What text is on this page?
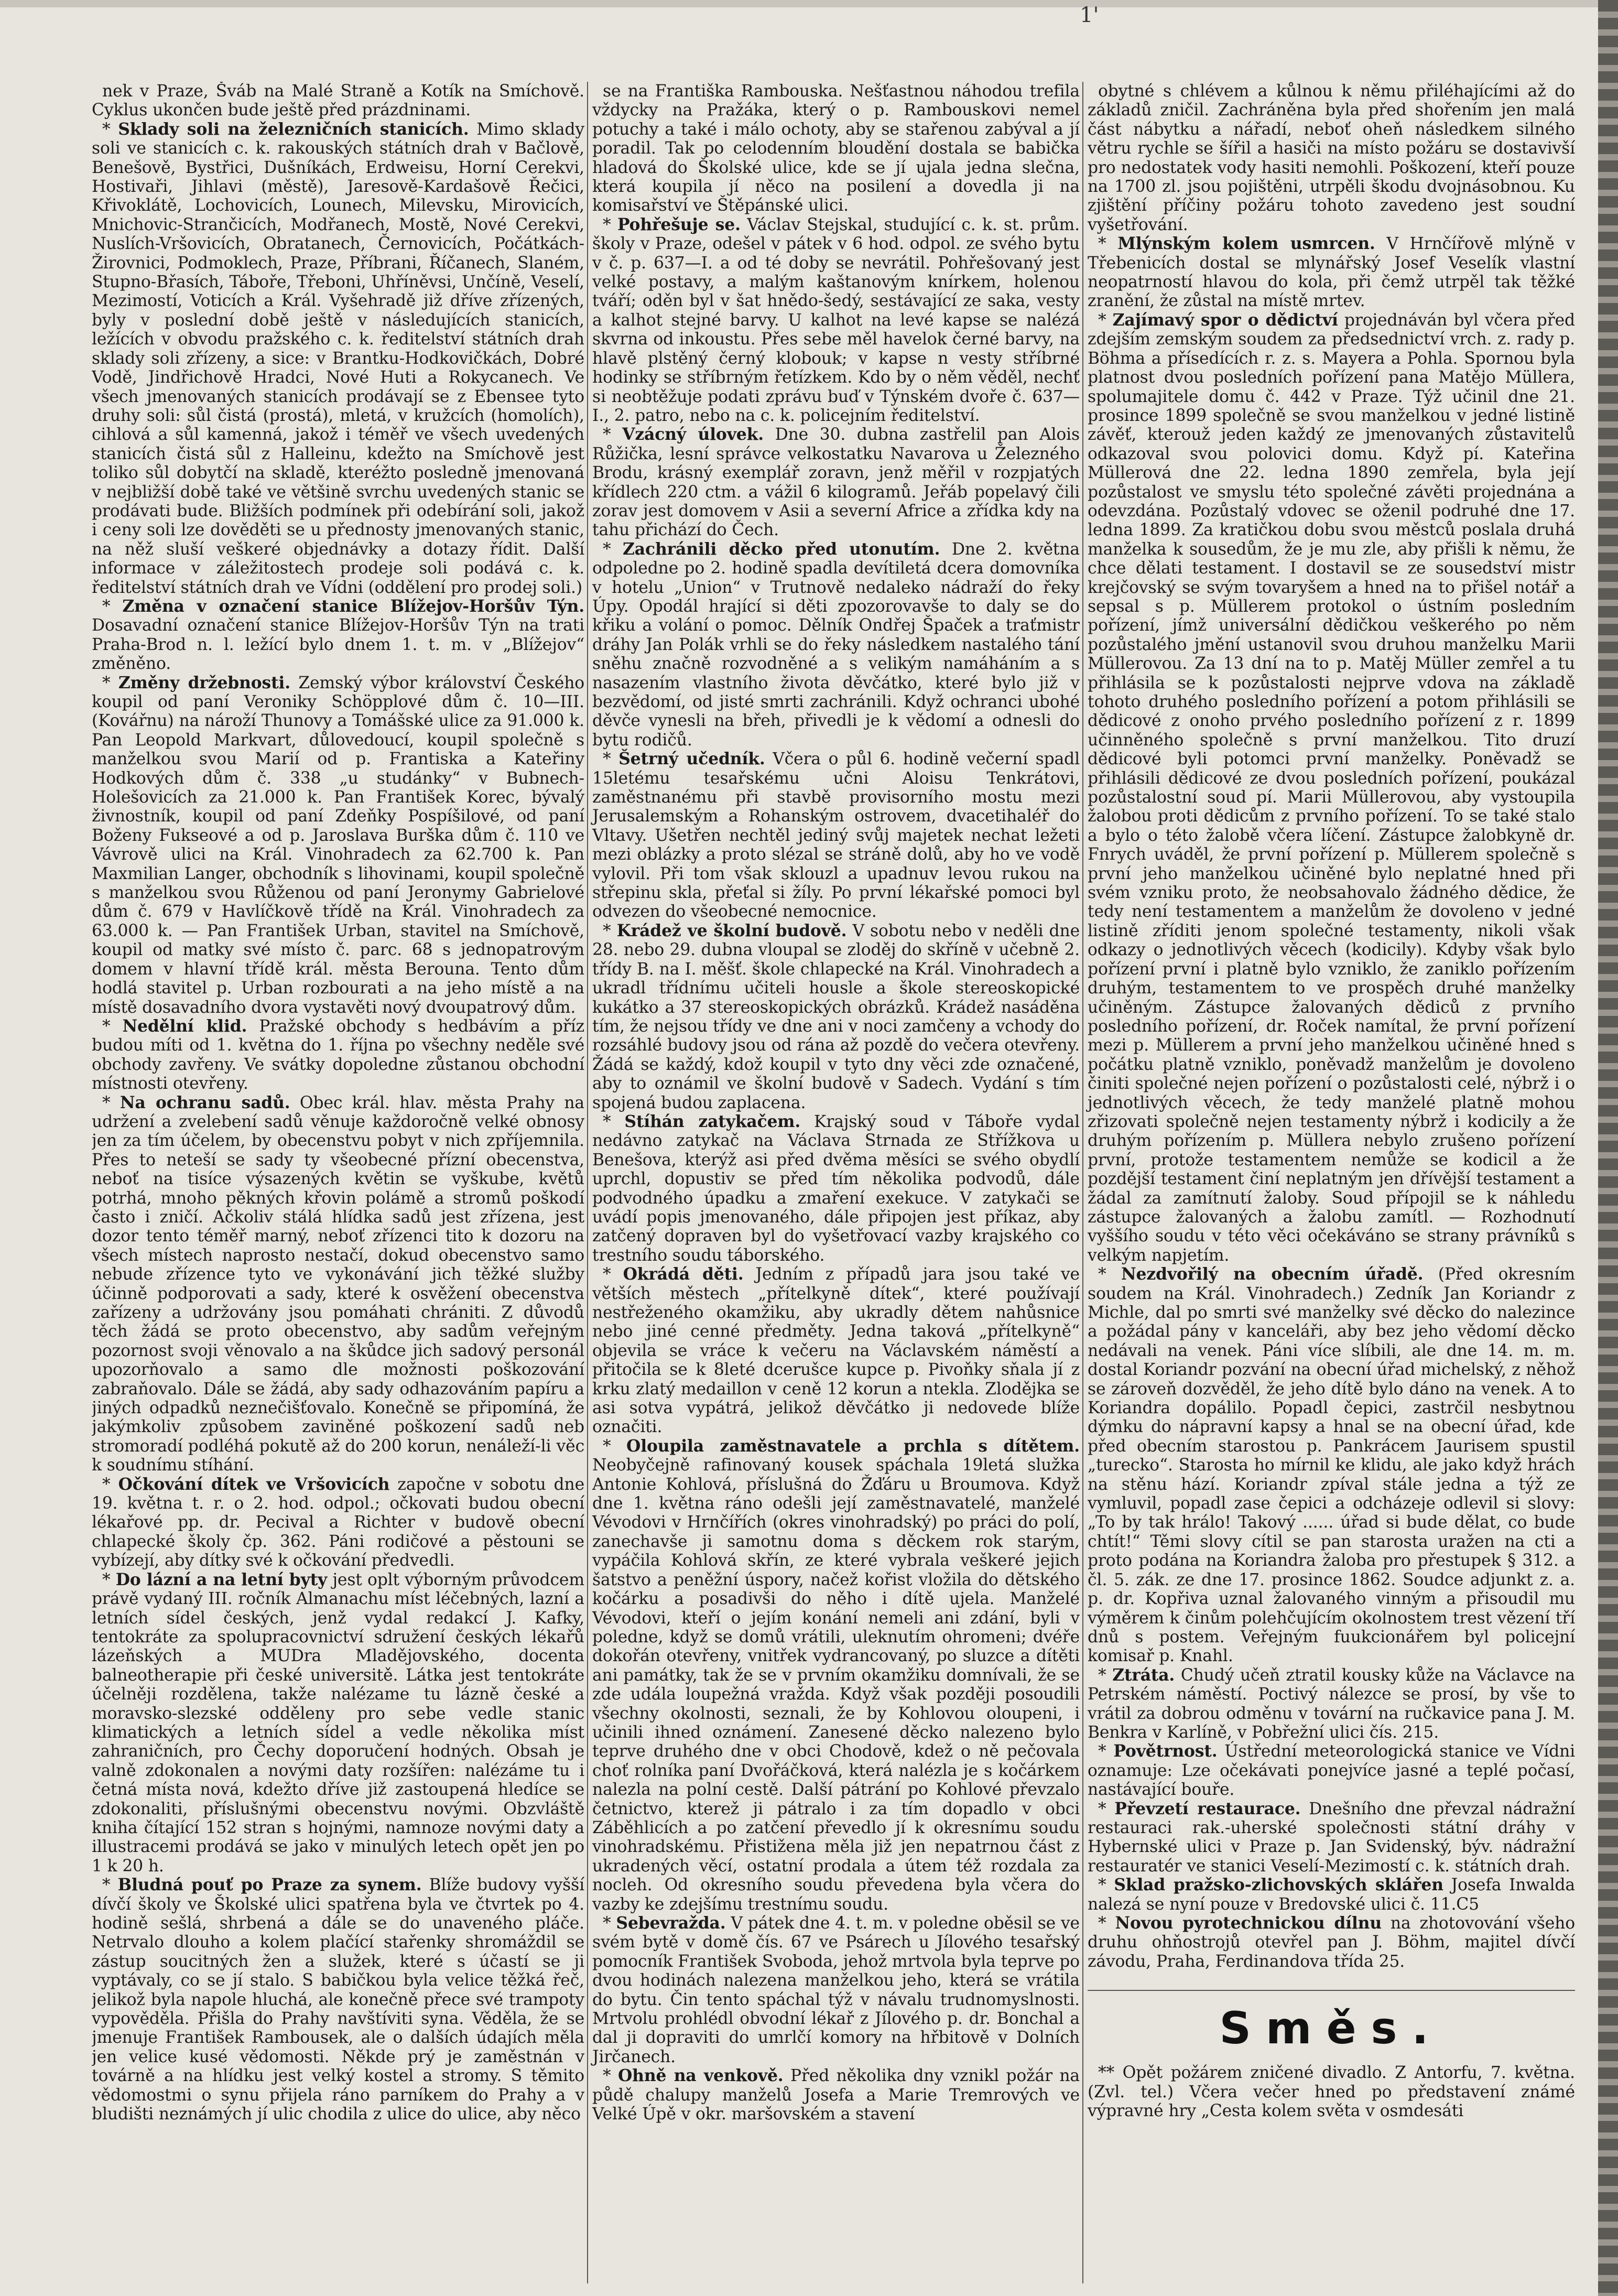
1'

nek v Praze, Šváb na Malé Straně a Kotík na Smíchově. Cyklus ukončen bude ještě před prázdninami.

* Sklady soli na železničních stanicích. Mimo sklady soli ve stanicích c. k. rakouských státních drah v Bačlově, Benešově, Bystřici, Dušníkách, Erdweisu, Horní Cerekvi, Hostivaři, Jihlavi (městě), Jaresově-Kardašově Řečici, Křivoklátě, Lochovicích, Lounech, Milevsku, Mirovicích, Mnichovic-Strančicích, Modřanech, Mostě, Nové Cerekvi, Nuslích-Vršovicích, Obratanech, Černovicích, Počátkách-Žirovnici, Podmoklech, Praze, Příbrani, Říčanech, Slaném, Stupno-Břasích, Táboře, Třeboni, Uhříněvsi, Unčíně, Veselí, Mezimostí, Voticích a Král. Vyšehradě již dříve zřízených, byly v poslední době ještě v následujících stanicích, ležících v obvodu pražského c. k. ředitelství státních drah sklady soli zřízeny, a sice: v Brantku-Hodkovičkách, Dobré Vodě, Jindřichově Hradci, Nové Huti a Rokycanech. Ve všech jmenovaných stanicích prodávají se z Ebensee tyto druhy soli: sůl čistá (prostá), mletá, v kružcích (homolích), cihlová a sůl kamenná, jakož i téměř ve všech uvedených stanicích čistá sůl z Halleinu, kdežto na Smíchově jest toliko sůl dobytčí na skladě, kteréžto posledně jmenovaná v nejbližší době také ve většině svrchu uvedených stanic se prodávati bude. Bližších podmínek při odebírání soli, jakož i ceny soli lze dověděti se u přednosty jmenovaných stanic, na něž sluší veškeré objednávky a dotazy řídit. Další informace v záležitostech prodeje soli podává c. k. ředitelství státních drah ve Vídni (oddělení pro prodej soli.)

* Změna v označení stanice Blížejov-Horšův Týn. Dosavadní označení stanice Blížejov-Horšův Týn na trati Praha-Brod n. l. ležící bylo dnem 1. t. m. v „Blížejov“ změněno.

* Změny držebnosti. Zemský výbor království Českého koupil od paní Veroniky Schöpplové dům č. 10—III. (Kovářnu) na nároží Thunovy a Tomášské ulice za 91.000 k. Pan Leopold Markvart, důlovedoucí, koupil společně s manželkou svou Marií od p. Frantiska a Kateřiny Hodkových dům č. 338 „u studánky“ v Bubnech-Holešovicích za 21.000 k. Pan František Korec, bývalý živnostník, koupil od paní Zdeňky Pospíšilové, od paní Boženy Fukseové a od p. Jaroslava Burška dům č. 110 ve Vávrově ulici na Král. Vinohradech za 62.700 k. Pan Maxmilian Langer, obchodník s lihovinami, koupil společně s manželkou svou Růženou od paní Jeronymy Gabrielové dům č. 679 v Havlíčkově třídě na Král. Vinohradech za 63.000 k. — Pan František Urban, stavitel na Smíchově, koupil od matky své místo č. parc. 68 s jednopatrovým domem v hlavní třídě král. města Berouna. Tento dům hodlá stavitel p. Urban rozbourati a na jeho místě a na místě dosavadního dvora vystavěti nový dvoupatrový dům.

* Nedělní klid. Pražské obchody s hedbávím a příz budou míti od 1. května do 1. října po všechny neděle své obchody zavřeny. Ve svátky dopoledne zůstanou obchodní místnosti otevřeny.

* Na ochranu sadů. Obec král. hlav. města Prahy na udržení a zvelebení sadů věnuje každoročně velké obnosy jen za tím účelem, by obecenstvu pobyt v nich zpříjemnila. Přes to neteší se sady ty všeobecné přízní obecenstva, neboť na tisíce výsazených květin se vyškube, květů potrhá, mnoho pěkných křovin polámě a stromů poškodí často i zničí. Ačkoliv stálá hlídka sadů jest zřízena, jest dozor tento téměř marný, neboť zřízenci tito k dozoru na všech místech naprosto nestačí, dokud obecenstvo samo nebude zřízence tyto ve vykonávání jich těžké služby účinně podporovati a sady, které k osvěžení obecenstva zařízeny a udržovány jsou pomáhati chrániti. Z důvodů těch žádá se proto obecenstvo, aby sadům veřejným pozornost svoji věnovalo a na škůdce jich sadový personál upozorňovalo a samo dle možnosti poškozování zabraňovalo. Dále se žádá, aby sady odhazováním papíru a jiných odpadků neznečišťovalo. Konečně se připomíná, že jakýmkoliv způsobem zaviněné poškození sadů neb stromoradí podléhá pokutě až do 200 korun, nenáleží-li věc k soudnímu stíhání.

* Očkování dítek ve Vršovicích započne v sobotu dne 19. května t. r. o 2. hod. odpol.; očkovati budou obecní lékařové pp. dr. Pecival a Richter v budově obecní chlapecké školy čp. 362. Páni rodičové a pěstouni se vybízejí, aby dítky své k očkování předvedli.

* Do lázní a na letní byty jest oplt výborným průvodcem právě vydaný III. ročník Almanachu míst léčebných, lazní a letních sídel českých, jenž vydal redakcí J. Kafky, tentokráte za spolupracovnictví sdružení českých lékařů lázeňských a MUDra Mladějovského, docenta balneotherapie při české universitě. Látka jest tentokráte účelněji rozdělena, takže nalézame tu lázně české a moravsko-slezské odděleny pro sebe vedle stanic klimatických a letních sídel a vedle několika míst zahraničních, pro Čechy doporučení hodných. Obsah je valně zdokonalen a novými daty rozšířen: nalézáme tu i četná místa nová, kdežto dříve již zastoupená hledíce se zdokonaliti, příslušnými obecenstvu novými. Obzvláště kniha čítající 152 stran s hojnými, namnoze novými daty a illustracemi prodává se jako v minulých letech opět jen po 1 k 20 h.

* Bludná pouť po Praze za synem. Blíže budovy vyšší dívčí školy ve Školské ulici spatřena byla ve čtvrtek po 4. hodině sešlá, shrbená a dále se do unaveného pláče. Netrvalo dlouho a kolem plačící stařenky shromáždil se zástup soucitných žen a služek, které s účastí se ji vyptávaly, co se jí stalo. S babičkou byla velice těžká řeč, jelikož byla napole hluchá, ale konečně přece své trampoty vypověděla. Přišla do Prahy navštíviti syna. Věděla, že se jmenuje František Rambousek, ale o dalších údajích měla jen velice kusé vědomosti. Někde prý je zaměstnán v továrně a na hlídku jest velký kostel a stromy. S těmito vědomostmi o synu přijela ráno parníkem do Prahy a v bludišti neznámých jí ulic chodila z ulice do ulice, aby něco

se na Františka Rambouska. Nešťastnou náhodou trefila vždycky na Pražáka, který o p. Rambouskovi nemel potuchy a také i málo ochoty, aby se stařenou zabýval a jí poradil. Tak po celodenním bloudění dostala se babička hladová do Školské ulice, kde se jí ujala jedna slečna, která koupila jí něco na posilení a dovedla ji na komisařství ve Štěpánské ulici.

* Pohřešuje se. Václav Stejskal, studující c. k. st. prům. školy v Praze, odešel v pátek v 6 hod. odpol. ze svého bytu v č. p. 637—I. a od té doby se nevrátil. Pohřešovaný jest velké postavy, a malým kaštanovým knírkem, holenou tváří; oděn byl v šat hnědo-šedý, sestávající ze saka, vesty a kalhot stejné barvy. U kalhot na levé kapse se nalézá skvrna od inkoustu. Přes sebe měl havelok černé barvy, na hlavě plstěný černý klobouk; v kapse n vesty stříbrné hodinky se stříbrným řetízkem. Kdo by o něm věděl, nechť si neobtěžuje podati zprávu buď v Týnském dvoře č. 637—I., 2. patro, nebo na c. k. policejním ředitelství.

* Vzácný úlovek. Dne 30. dubna zastřelil pan Alois Růžička, lesní správce velkostatku Navarova u Železného Brodu, krásný exemplář zoravn, jenž měřil v rozpjatých křídlech 220 ctm. a vážil 6 kilogramů. Jeřáb popelavý čili zorav jest domovem v Asii a severní Africe a zřídka kdy na tahu přichází do Čech.

* Zachránili děcko před utonutím. Dne 2. května odpoledne po 2. hodině spadla devítiletá dcera domovníka v hotelu „Union“ v Trutnově nedaleko nádraží do řeky Úpy. Opodál hrající si děti zpozorovavše to daly se do křiku a volání o pomoc. Dělník Ondřej Špaček a traťmistr dráhy Jan Polák vrhli se do řeky následkem nastalého tání sněhu značně rozvodněné a s velikým namáháním a s nasazením vlastního života děvčátko, které bylo již v bezvědomí, od jisté smrti zachránili. Když ochranci ubohé děvče vynesli na břeh, přivedli je k vědomí a odnesli do bytu rodičů.

* Šetrný učedník. Včera o půl 6. hodině večerní spadl 15letému tesařskému učni Aloisu Tenkrátovi, zaměstnanému při stavbě provisorního mostu mezi Jerusalemským a Rohanským ostrovem, dvacetihaléř do Vltavy. Ušetřen nechtěl jediný svůj majetek nechat ležeti mezi oblázky a proto slézal se stráně dolů, aby ho ve vodě vylovil. Při tom však sklouzl a upadnuv levou rukou na střepinu skla, přeťal si žíly. Po první lékařské pomoci byl odvezen do všeobecné nemocnice.

* Krádež ve školní budově. V sobotu nebo v neděli dne 28. nebo 29. dubna vloupal se zloděj do skříně v učebně 2. třídy B. na I. měšť. škole chlapecké na Král. Vinohradech a ukradl třídnímu učiteli housle a škole stereoskopické kukátko a 37 stereoskopických obrázků. Krádež nasáděna tím, že nejsou třídy ve dne ani v noci zamčeny a vchody do rozsáhlé budovy jsou od rána až pozdě do večera otevřeny. Žádá se každý, kdož koupil v tyto dny věci zde označené, aby to oznámil ve školní budově v Sadech. Vydání s tím spojená budou zaplacena.

* Stíhán zatykačem. Krajský soud v Táboře vydal nedávno zatykač na Václava Strnada ze Střížkova u Benešova, kterýž asi před dvěma měsíci se svého obydlí uprchl, dopustiv se před tím několika podvodů, dále podvodného úpadku a zmaření exekuce. V zatykači se uvádí popis jmenovaného, dále připojen jest příkaz, aby zatčený dopraven byl do vyšetřovací vazby krajského co trestního soudu táborského.

* Okrádá děti. Jedním z případů jara jsou také ve větších městech „přítelkyně dítek“, které používají nestřeženého okamžiku, aby ukradly dětem nahůsnice nebo jiné cenné předměty. Jedna taková „přítelkyně“ objevila se vráce k večeru na Václavském náměstí a přitočila se k 8leté dcerušce kupce p. Pivoňky sňala jí z krku zlatý medaillon v ceně 12 korun a ntekla. Zlodějka se asi sotva vypátrá, jelikož děvčátko ji nedovede blíže označiti.

* Oloupila zaměstnavatele a prchla s dítětem. Neobyčejně rafinovaný kousek spáchala 19letá služka Antonie Kohlová, příslušná do Žďáru u Broumova. Když dne 1. května ráno odešli její zaměstnavatelé, manželé Vévodovi v Hrnčířích (okres vinohradský) po práci do polí, zanechavše ji samotnu doma s děckem rok starým, vypáčila Kohlová skřín, ze které vybrala veškeré jejich šatstvo a peněžní úspory, načež kořist vložila do dětského kočárku a posadivši do něho i dítě ujela. Manželé Vévodovi, kteří o jejím konání nemeli ani zdání, byli v poledne, když se domů vrátili, uleknutím ohromeni; dvéře dokořán otevřeny, vnitřek vydrancovaný, po sluzce a dítěti ani památky, tak že se v prvním okamžiku domnívali, že se zde udála loupežná vražda. Když však později posoudili všechny okolnosti, seznali, že by Kohlovou oloupeni, i učinili ihned oznámení. Zanesené děcko nalezeno bylo teprve druhého dne v obci Chodově, kdež o ně pečovala choť rolníka paní Dvořáčková, která nalézla je s kočárkem nalezla na polní cestě. Další pátrání po Kohlové převzalo četnictvo, kterež ji pátralo i za tím dopadlo v obci Záběhlicích a po zatčení převedlo jí k okresnímu soudu vinohradskému. Přistižena měla již jen nepatrnou část z ukradených věcí, ostatní prodala a útem též rozdala za nocleh. Od okresního soudu převedena byla včera do vazby ke zdejšímu trestnímu soudu.

* Sebevražda. V pátek dne 4. t. m. v poledne oběsil se ve svém bytě v domě čís. 67 ve Psárech u Jílového tesařský pomocník František Svoboda, jehož mrtvola byla teprve po dvou hodinách nalezena manželkou jeho, která se vrátila do bytu. Čin tento spáchal týž v návalu trudnomyslnosti. Mrtvolu prohlédl obvodní lékař z Jílového p. dr. Bonchal a dal ji dopraviti do umrlčí komory na hřbitově v Dolních Jirčanech.

* Ohně na venkově. Před několika dny vznikl požár na půdě chalupy manželů Josefa a Marie Tremrových ve Velké Úpě v okr. maršovském a stavení

obytné s chlévem a kůlnou k němu přiléhajícími až do základů zničil. Zachráněna byla před shořením jen malá část nábytku a nářadí, neboť oheň následkem silného větru rychle se šířil a hasiči na místo požáru se dostavivší pro nedostatek vody hasiti nemohli. Poškození, kteří pouze na 1700 zl. jsou pojištěni, utrpěli škodu dvojnásobnou. Ku zjištění příčiny požáru tohoto zavedeno jest soudní vyšetřování.

* Mlýnským kolem usmrcen. V Hrnčířově mlýně v Třebenicích dostal se mlynářský Josef Veselík vlastní neopatrností hlavou do kola, při čemž utrpěl tak těžké zranění, že zůstal na místě mrtev.

* Zajímavý spor o dědictví projednáván byl včera před zdejším zemským soudem za předsednictví vrch. z. rady p. Böhma a přísedících r. z. s. Mayera a Pohla. Spornou byla platnost dvou posledních pořízení pana Matějo Müllera, spolumajitele domu č. 442 v Praze. Týž učinil dne 21. prosince 1899 společně se svou manželkou v jedné listině závěť, kterouž jeden každý ze jmenovaných zůstavitelů odkazoval svou polovici domu. Když pí. Kateřina Müllerová dne 22. ledna 1890 zemřela, byla její pozůstalost ve smyslu této společné závěti projednána a odevzdána. Pozůstalý vdovec se oženil podruhé dne 17. ledna 1899. Za kratičkou dobu svou městců poslala druhá manželka k sousedům, že je mu zle, aby přišli k němu, že chce dělati testament. I dostavil se ze sousedství mistr krejčovský se svým tovaryšem a hned na to přišel notář a sepsal s p. Müllerem protokol o ústním posledním pořízení, jímž universální dědičkou veškerého po něm pozůstalého jmění ustanovil svou druhou manželku Marii Müllerovou. Za 13 dní na to p. Matěj Müller zemřel a tu přihlásila se k pozůstalosti nejprve vdova na základě tohoto druhého posledního pořízení a potom přihlásili se dědicové z onoho prvého posledního pořízení z r. 1899 učinněného společně s první manželkou. Tito druzí dědicové byli potomci první manželky. Poněvadž se přihlásili dědicové ze dvou posledních pořízení, poukázal pozůstalostní soud pí. Marii Müllerovou, aby vystoupila žalobou proti dědicům z prvního pořízení. To se také stalo a bylo o této žalobě včera líčení. Zástupce žalobkyně dr. Fnrych uváděl, že první pořízení p. Müllerem společně s první jeho manželkou učiněné bylo neplatné hned při svém vzniku proto, že neobsahovalo žádného dědice, že tedy není testamentem a manželům že dovoleno v jedné listině zříditi jenom společné testamenty, nikoli však odkazy o jednotlivých věcech (kodicily). Kdyby však bylo pořízení první i platně bylo vzniklo, že zaniklo pořízením druhým, testamentem to ve prospěch druhé manželky učiněným. Zástupce žalovaných dědiců z prvního posledního pořízení, dr. Roček namítal, že první pořízení mezi p. Müllerem a první jeho manželkou učiněné hned s počátku platně vzniklo, poněvadž manželům je dovoleno činiti společné nejen pořízení o pozůstalosti celé, nýbrž i o jednotlivých věcech, že tedy manželé platně mohou zřizovati společně nejen testamenty nýbrž i kodicily a že druhým pořízením p. Müllera nebylo zrušeno pořízení první, protože testamentem nemůže se kodicil a že pozdější testament činí neplatným jen dřívější testament a žádal za zamítnutí žaloby. Soud přípojil se k náhledu zástupce žalovaných a žalobu zamítl. — Rozhodnutí vyššího soudu v této věci očekáváno se strany právníků s velkým napjetím.

* Nezdvořilý na obecním úřadě. (Před okresním soudem na Král. Vinohradech.) Zedník Jan Koriandr z Michle, dal po smrti své manželky své děcko do nalezince a požádal pány v kanceláři, aby bez jeho vědomí děcko nedávali na venek. Páni více slíbili, ale dne 14. m. m. dostal Koriandr pozvání na obecní úřad michelský, z něhož se zároveň dozvěděl, že jeho dítě bylo dáno na venek. A to Koriandra dopálilo. Popadl čepici, zastrčil nesbytnou dýmku do nápravní kapsy a hnal se na obecní úřad, kde před obecním starostou p. Pankrácem Jaurisem spustil „turecko“. Starosta ho mírnil ke klidu, ale jako když hrách na stěnu hází. Koriandr zpíval stále jedna a týž ze vymluvil, popadl zase čepici a odcházeje odlevil si slovy: „To by tak hrálo! Takový ...... úřad si bude dělat, co bude chtít!“ Těmi slovy cítil se pan starosta uražen na cti a proto podána na Koriandra žaloba pro přestupek § 312. a čl. 5. zák. ze dne 17. prosince 1862. Soudce adjunkt z. a. p. dr. Kopřiva uznal žalovaného vinným a přisoudil mu výměrem k činům polehčujícím okolnostem trest vězení tří dnů s postem. Veřejným fuukcionářem byl policejní komisař p. Knahl.

* Ztráta. Chudý učeň ztratil kousky kůže na Václavce na Petrském náměstí. Poctivý nálezce se prosí, by vše to vrátil za dobrou odměnu v tovární na ručkavice pana J. M. Benkra v Karlíně, v Pobřežní ulici čís. 215.

* Povětrnost. Ústřední meteorologická stanice ve Vídni oznamuje: Lze očekávati ponejvíce jasné a teplé počasí, nastávající bouře.

* Převzetí restaurace. Dnešního dne převzal nádražní restauraci rak.-uherské společnosti státní dráhy v Hybernské ulici v Praze p. Jan Svidenský, býv. nádražní restauratér ve stanici Veselí-Mezimostí c. k. státních drah.

* Sklad pražsko-zlichovských sklářen Josefa Inwalda nalezá se nyní pouze v Bredovské ulici č. 11.C5

* Novou pyrotechnickou dílnu na zhotovování všeho druhu ohňostrojů otevřel pan J. Böhm, majitel dívčí závodu, Praha, Ferdinandova třída 25.

Směs.

** Opět požárem zničené divadlo. Z Antorfu, 7. května. (Zvl. tel.) Včera večer hned po představení známé výpravné hry „Cesta kolem světa v osmdesáti
